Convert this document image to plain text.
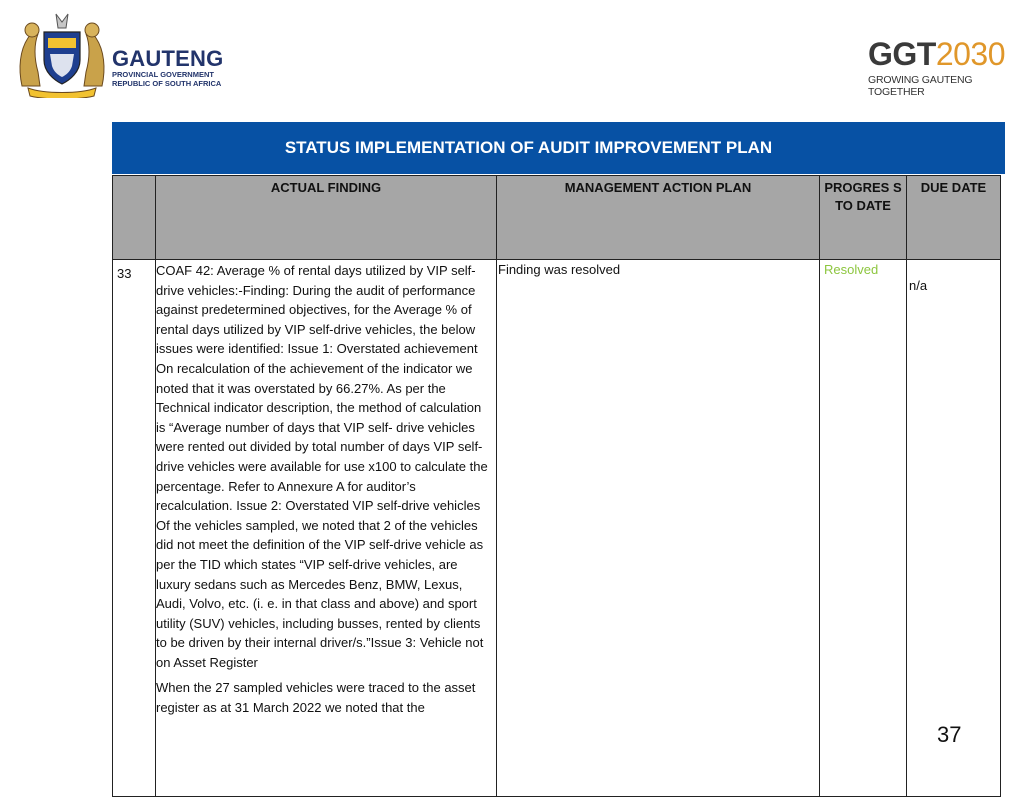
GAUTENG
PROVINCIAL GOVERNMENT
REPUBLIC OF SOUTH AFRICA
GGT2030
GROWING GAUTENG TOGETHER
STATUS IMPLEMENTATION OF AUDIT IMPROVEMENT PLAN
	ACTUAL FINDING	MANAGEMENT ACTION PLAN	PROGRES S TO DATE	DUE DATE
33	COAF 42: Average % of rental days utilized by VIP self-drive vehicles:-Finding: During the audit of performance against predetermined objectives, for the Average % of rental days utilized by VIP self-drive vehicles, the below issues were identified: Issue 1: Overstated achievement On recalculation of the achievement of the indicator we noted that it was overstated by 66.27%. As per the Technical indicator description, the method of calculation is “Average number of days that VIP self- drive vehicles were rented out divided by total number of days VIP self-drive vehicles were available for use x100 to calculate the percentage. Refer to Annexure A for auditor’s recalculation. Issue 2: Overstated VIP self-drive vehicles Of the vehicles sampled, we noted that 2 of the vehicles did not meet the definition of the VIP self-drive vehicle as per the TID which states “VIP self-drive vehicles, are luxury sedans such as Mercedes Benz, BMW, Lexus, Audi, Volvo, etc. (i. e. in that class and above) and sport utility (SUV) vehicles, including busses, rented by clients to be driven by their internal driver/s.”Issue 3: Vehicle not on Asset Register
When the 27 sampled vehicles were traced to the asset register as at 31 March 2022 we noted that the	Finding was resolved	Resolved	n/a
37
